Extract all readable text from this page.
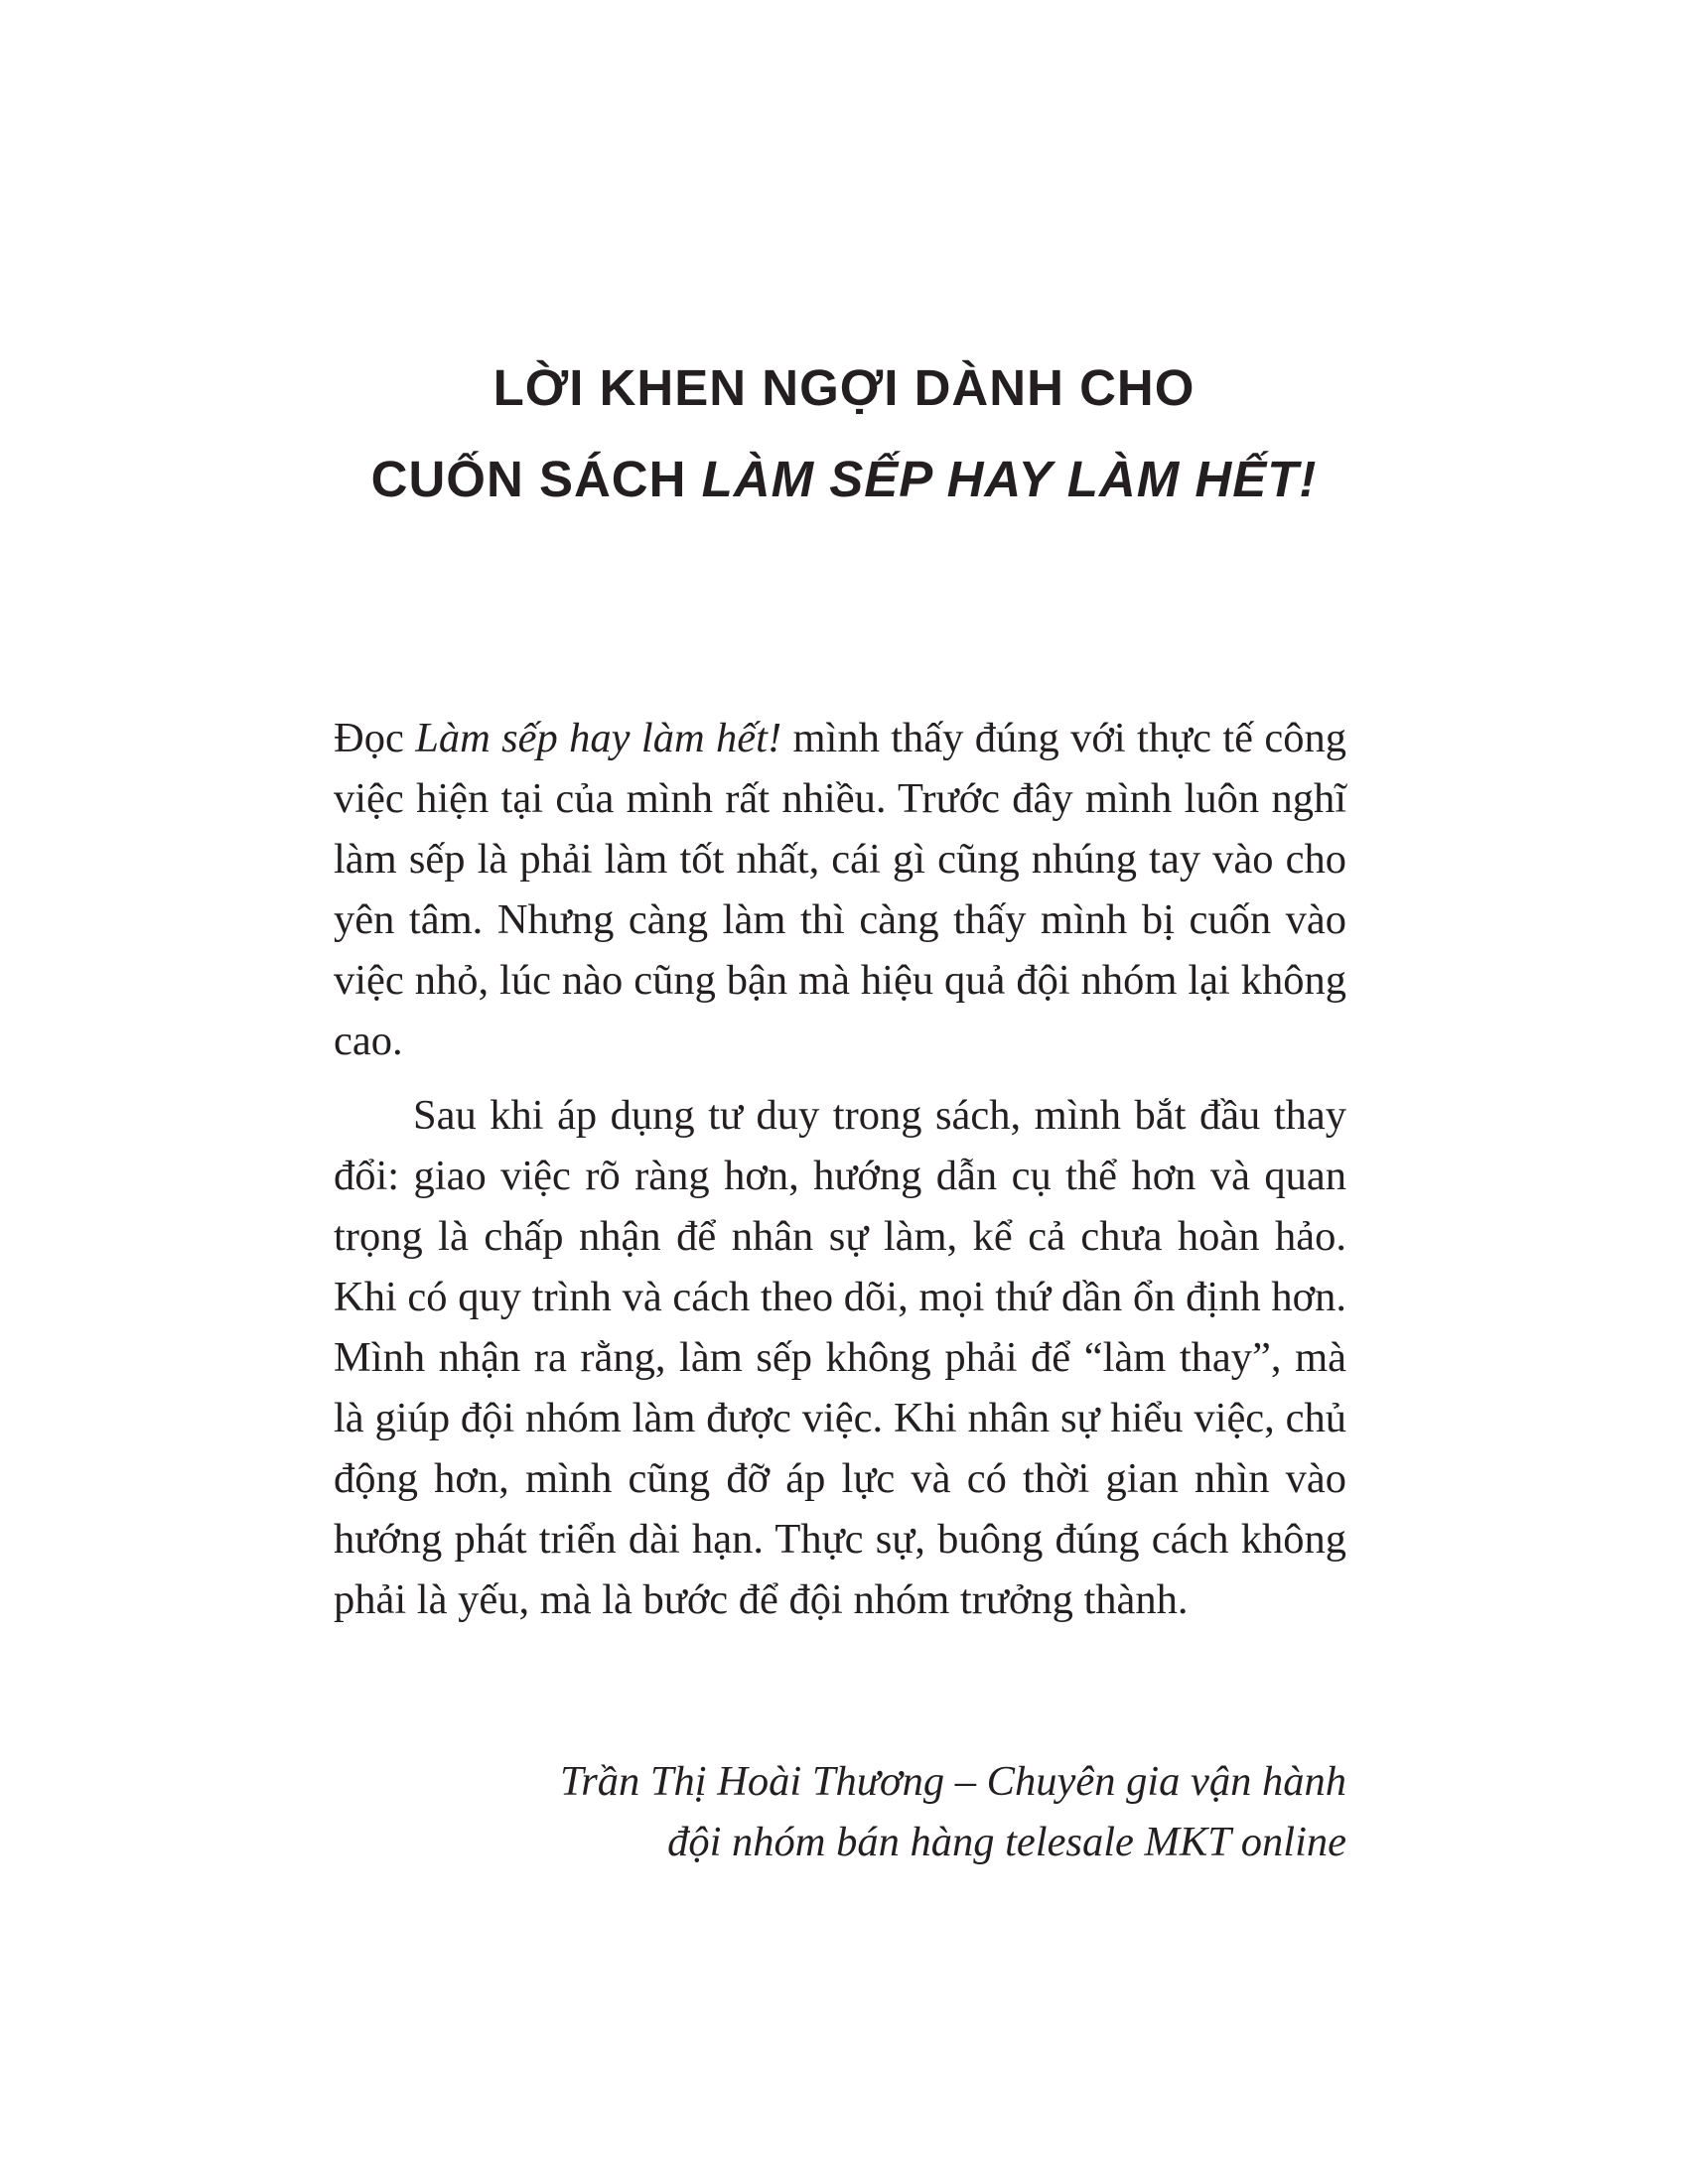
LỜI KHEN NGỢI DÀNH CHO
CUỐN SÁCH LÀM SẾP HAY LÀM HẾT!

Đọc Làm sếp hay làm hết! mình thấy đúng với thực tế công việc hiện tại của mình rất nhiều. Trước đây mình luôn nghĩ làm sếp là phải làm tốt nhất, cái gì cũng nhúng tay vào cho yên tâm. Nhưng càng làm thì càng thấy mình bị cuốn vào việc nhỏ, lúc nào cũng bận mà hiệu quả đội nhóm lại không cao.

Sau khi áp dụng tư duy trong sách, mình bắt đầu thay đổi: giao việc rõ ràng hơn, hướng dẫn cụ thể hơn và quan trọng là chấp nhận để nhân sự làm, kể cả chưa hoàn hảo. Khi có quy trình và cách theo dõi, mọi thứ dần ổn định hơn. Mình nhận ra rằng, làm sếp không phải để “làm thay”, mà là giúp đội nhóm làm được việc. Khi nhân sự hiểu việc, chủ động hơn, mình cũng đỡ áp lực và có thời gian nhìn vào hướng phát triển dài hạn. Thực sự, buông đúng cách không phải là yếu, mà là bước để đội nhóm trưởng thành.

Trần Thị Hoài Thương – Chuyên gia vận hành
đội nhóm bán hàng telesale MKT online
